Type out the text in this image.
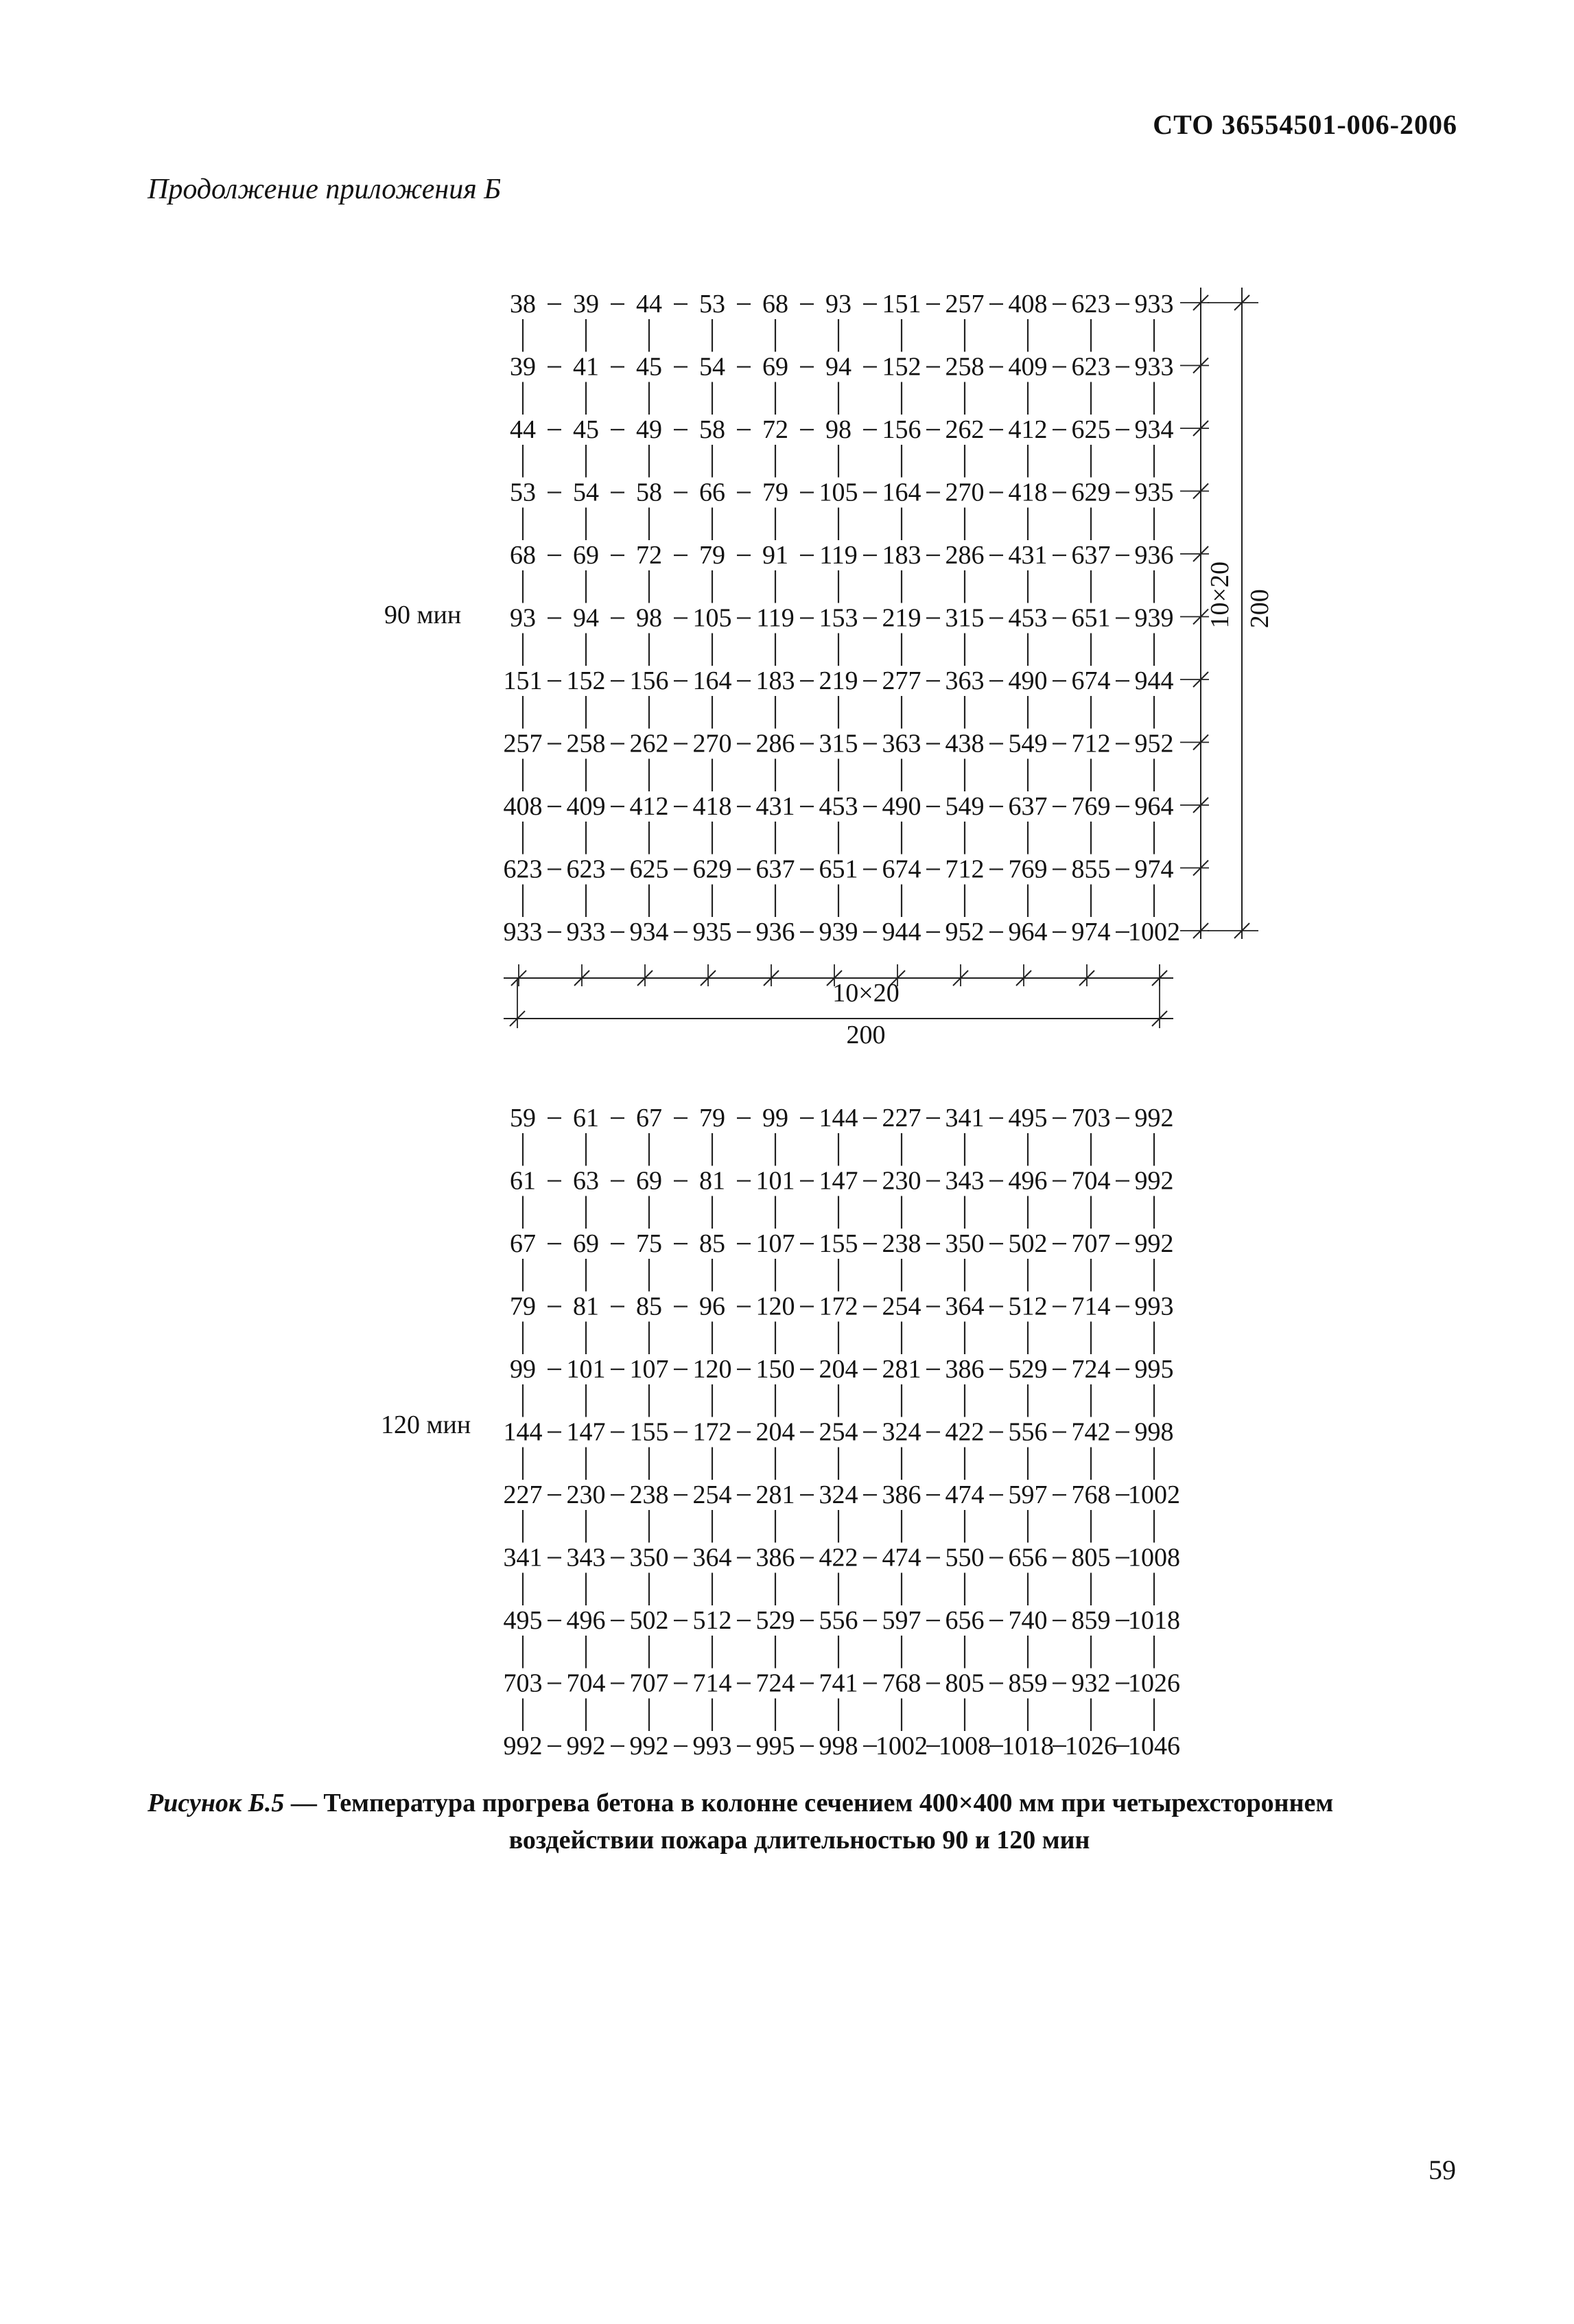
СТО 36554501-006-2006
Продолжение приложения Б
90 мин
120 мин
38 39 44 53 68 93 151 257 408 623 933
39 41 45 54 69 94 152 258 409 623 933
44 45 49 58 72 98 156 262 412 625 934
53 54 58 66 79 105 164 270 418 629 935
68 69 72 79 91 119 183 286 431 637 936
93 94 98 105 119 153 219 315 453 651 939
151 152 156 164 183 219 277 363 490 674 944
257 258 262 270 286 315 363 438 549 712 952
408 409 412 418 431 453 490 549 637 769 964
623 623 625 629 637 651 674 712 769 855 974
933 933 934 935 936 939 944 952 964 974 1002
10×20 200
10×20
200
59 61 67 79 99 144 227 341 495 703 992
61 63 69 81 101 147 230 343 496 704 992
67 69 75 85 107 155 238 350 502 707 992
79 81 85 96 120 172 254 364 512 714 993
99 101 107 120 150 204 281 386 529 724 995
144 147 155 172 204 254 324 422 556 742 998
227 230 238 254 281 324 386 474 597 768 1002
341 343 350 364 386 422 474 550 656 805 1008
495 496 502 512 529 556 597 656 740 859 1018
703 704 707 714 724 741 768 805 859 932 1026
992 992 992 993 995 998 1002 1008 1018 1026 1046
Рисунок Б.5 — Температура прогрева бетона в колонне сечением 400×400 мм при четырехстороннем
воздействии пожара длительностью 90 и 120 мин
59
